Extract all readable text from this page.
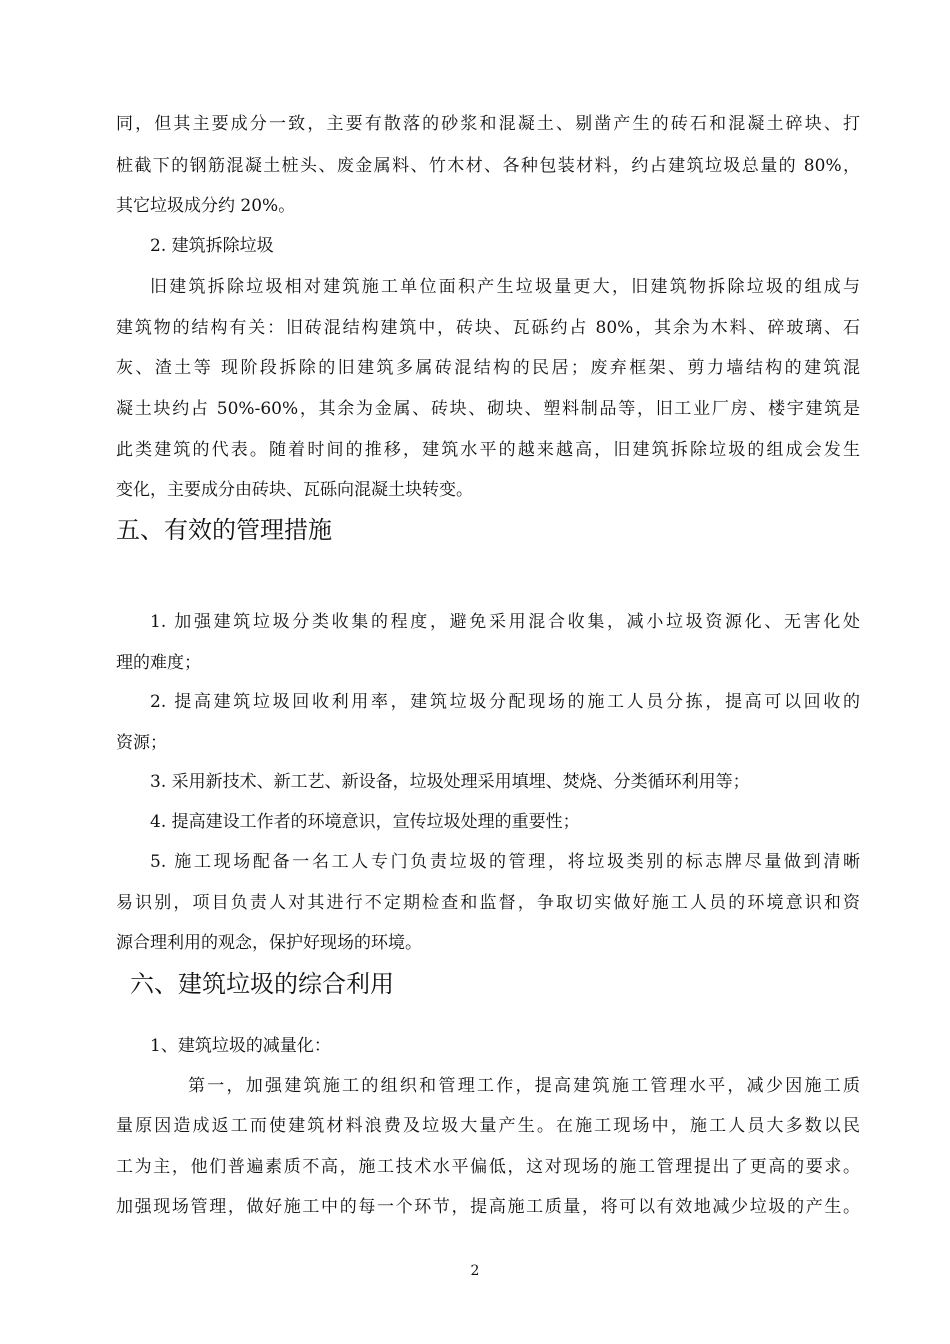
同，但其主要成分一致，主要有散落的砂浆和混凝土、剔凿产生的砖石和混凝土碎块、打
桩截下的钢筋混凝土桩头、废金属料、竹木材、各种包装材料，约占建筑垃圾总量的 80%，
其它垃圾成分约 20%。
2. 建筑拆除垃圾
旧建筑拆除垃圾相对建筑施工单位面积产生垃圾量更大，旧建筑物拆除垃圾的组成与
建筑物的结构有关：旧砖混结构建筑中，砖块、瓦砾约占 80%，其余为木料、碎玻璃、石
灰、渣土等 现阶段拆除的旧建筑多属砖混结构的民居；废弃框架、剪力墙结构的建筑混
凝土块约占 50%-60%，其余为金属、砖块、砌块、塑料制品等，旧工业厂房、楼宇建筑是
此类建筑的代表。随着时间的推移，建筑水平的越来越高，旧建筑拆除垃圾的组成会发生
变化，主要成分由砖块、瓦砾向混凝土块转变。
五、有效的管理措施
1. 加强建筑垃圾分类收集的程度，避免采用混合收集，减小垃圾资源化、无害化处
理的难度；
2. 提高建筑垃圾回收利用率，建筑垃圾分配现场的施工人员分拣，提高可以回收的
资源；
3. 采用新技术、新工艺、新设备，垃圾处理采用填埋、焚烧、分类循环利用等；
4. 提高建设工作者的环境意识，宣传垃圾处理的重要性；
5. 施工现场配备一名工人专门负责垃圾的管理，将垃圾类别的标志牌尽量做到清晰
易识别，项目负责人对其进行不定期检查和监督，争取切实做好施工人员的环境意识和资
源合理利用的观念，保护好现场的环境。
六、建筑垃圾的综合利用
1、建筑垃圾的减量化：
第一，加强建筑施工的组织和管理工作，提高建筑施工管理水平，减少因施工质
量原因造成返工而使建筑材料浪费及垃圾大量产生。在施工现场中，施工人员大多数以民
工为主，他们普遍素质不高，施工技术水平偏低，这对现场的施工管理提出了更高的要求。
加强现场管理，做好施工中的每一个环节，提高施工质量，将可以有效地减少垃圾的产生。
2
